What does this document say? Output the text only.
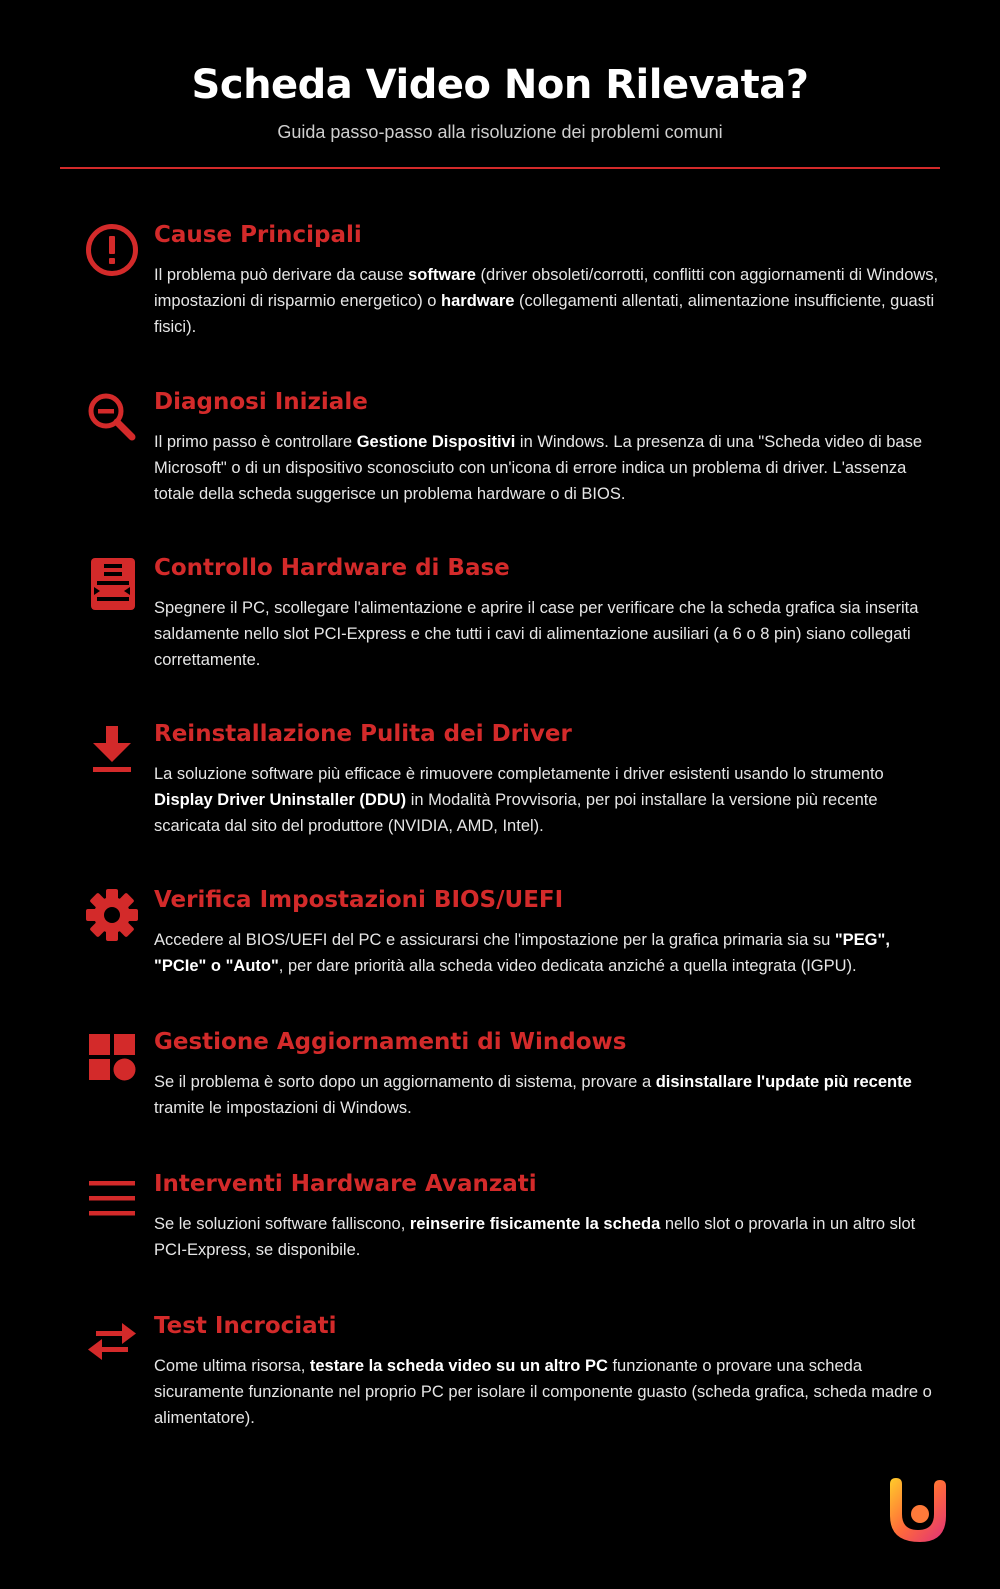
Scheda Video Non Rilevata?
Guida passo-passo alla risoluzione dei problemi comuni
Cause Principali
Il problema può derivare da cause software (driver obsoleti/corrotti, conflitti con aggiornamenti di Windows, impostazioni di risparmio energetico) o hardware (collegamenti allentati, alimentazione insufficiente, guasti fisici).
Diagnosi Iniziale
Il primo passo è controllare Gestione Dispositivi in Windows. La presenza di una "Scheda video di base Microsoft" o di un dispositivo sconosciuto con un'icona di errore indica un problema di driver. L'assenza totale della scheda suggerisce un problema hardware o di BIOS.
Controllo Hardware di Base
Spegnere il PC, scollegare l'alimentazione e aprire il case per verificare che la scheda grafica sia inserita saldamente nello slot PCI-Express e che tutti i cavi di alimentazione ausiliari (a 6 o 8 pin) siano collegati correttamente.
Reinstallazione Pulita dei Driver
La soluzione software più efficace è rimuovere completamente i driver esistenti usando lo strumento Display Driver Uninstaller (DDU) in Modalità Provvisoria, per poi installare la versione più recente scaricata dal sito del produttore (NVIDIA, AMD, Intel).
Verifica Impostazioni BIOS/UEFI
Accedere al BIOS/UEFI del PC e assicurarsi che l'impostazione per la grafica primaria sia su "PEG", "PCIe" o "Auto", per dare priorità alla scheda video dedicata anziché a quella integrata (IGPU).
Gestione Aggiornamenti di Windows
Se il problema è sorto dopo un aggiornamento di sistema, provare a disinstallare l'update più recente tramite le impostazioni di Windows.
Interventi Hardware Avanzati
Se le soluzioni software falliscono, reinserire fisicamente la scheda nello slot o provarla in un altro slot PCI-Express, se disponibile.
Test Incrociati
Come ultima risorsa, testare la scheda video su un altro PC funzionante o provare una scheda sicuramente funzionante nel proprio PC per isolare il componente guasto (scheda grafica, scheda madre o alimentatore).
